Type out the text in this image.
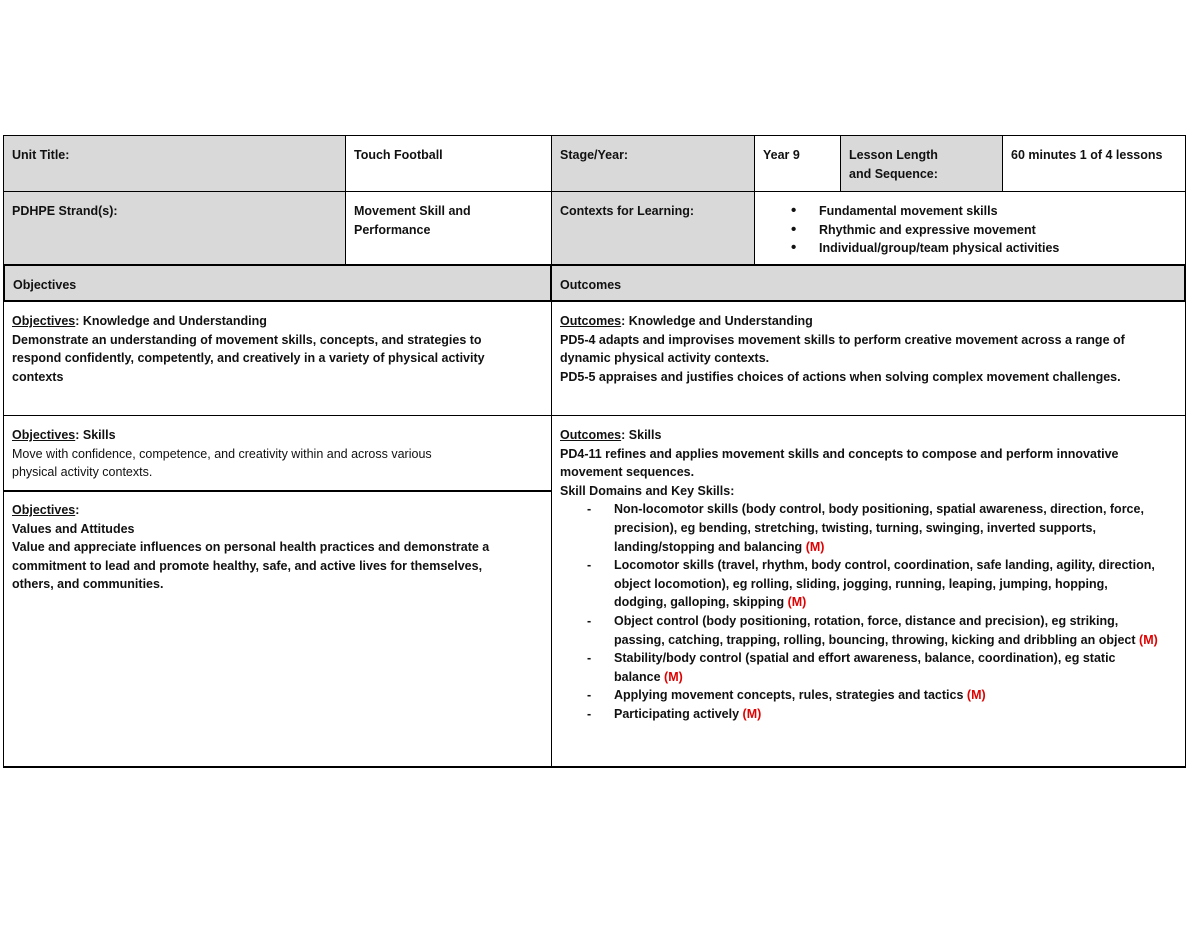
Unit Title:	Touch Football	Stage/Year:	Year 9	Lesson Length

and Sequence:

60 minutes 1 of 4 lessons
PDHPE Strand(s):	Movement Skill and

Performance

Contexts for Learning:
•	Fundamental movement skills
• Rhythmic and expressive movement
• Individual/group/team physical activities
Objectives	Outcomes

Objectives: Knowledge and Understanding

Demonstrate an understanding of movement skills, concepts, and strategies to

respond confidently, competently, and creatively in a variety of physical activity

contexts

Outcomes: Knowledge and Understanding

PD5-4 adapts and improvises movement skills to perform creative movement across a range of

dynamic physical activity contexts.

PD5-5 appraises and justifies choices of actions when solving complex movement challenges.

Objectives: Skills

Move with confidence, competence, and creativity within and across various

physical activity contexts.

Objectives:

Values and Attitudes

Value and appreciate influences on personal health practices and demonstrate a

commitment to lead and promote healthy, safe, and active lives for themselves,

others, and communities.

Outcomes: Skills

PD4-11 refines and applies movement skills and concepts to compose and perform innovative

movement sequences.

Skill Domains and Key Skills:

- Non-locomotor skills (body control, body positioning, spatial awareness, direction, force,

precision), eg bending, stretching, twisting, turning, swinging, inverted supports,

landing/stopping and balancing (M)

- Locomotor skills (travel, rhythm, body control, coordination, safe landing, agility, direction,

object locomotion), eg rolling, sliding, jogging, running, leaping, jumping, hopping,

dodging, galloping, skipping (M)

- Object control (body positioning, rotation, force, distance and precision), eg striking,

passing, catching, trapping, rolling, bouncing, throwing, kicking and dribbling an object (M)

- Stability/body control (spatial and effort awareness, balance, coordination), eg static

balance (M)

- Applying movement concepts, rules, strategies and tactics (M)

- Participating actively (M)
